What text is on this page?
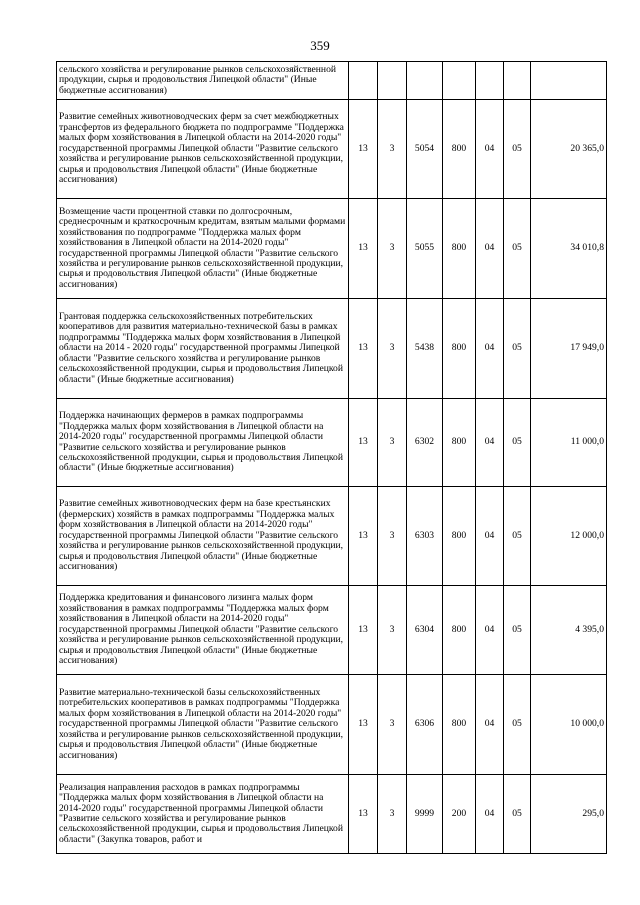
359
сельского хозяйства и регулирование рынков сельскохозяйственной продукции, сырья и продовольствия Липецкой области" (Иные бюджетные ассигнования)							
Развитие семейных животноводческих ферм за счет межбюджетных трансфертов из федерального бюджета по подпрограмме "Поддержка малых форм хозяйствования в Липецкой области на 2014-2020 годы" государственной программы Липецкой области "Развитие сельского хозяйства и регулирование рынков сельскохозяйственной продукции, сырья и продовольствия Липецкой области" (Иные бюджетные ассигнования)	13	3	5054	800	04	05	20 365,0
Возмещение части процентной ставки по долгосрочным, среднесрочным и краткосрочным кредитам, взятым малыми формами хозяйствования по подпрограмме "Поддержка малых форм хозяйствования в Липецкой области на 2014-2020 годы" государственной программы Липецкой области "Развитие сельского хозяйства и регулирование рынков сельскохозяйственной продукции, сырья и продовольствия Липецкой области" (Иные бюджетные ассигнования)	13	3	5055	800	04	05	34 010,8
Грантовая поддержка сельскохозяйственных потребительских кооперативов для развития материально-технической базы в рамках подпрограммы "Поддержка малых форм хозяйствования в Липецкой области на 2014 - 2020 годы" государственной программы Липецкой области "Развитие сельского хозяйства и регулирование рынков сельскохозяйственной продукции, сырья и продовольствия Липецкой области" (Иные бюджетные ассигнования)	13	3	5438	800	04	05	17 949,0
Поддержка начинающих фермеров в рамках подпрограммы "Поддержка малых форм хозяйствования в Липецкой области на 2014-2020 годы" государственной программы Липецкой области "Развитие сельского хозяйства и регулирование рынков сельскохозяйственной продукции, сырья и продовольствия Липецкой области" (Иные бюджетные ассигнования)	13	3	6302	800	04	05	11 000,0
Развитие семейных животноводческих ферм на базе крестьянских (фермерских) хозяйств в рамках подпрограммы "Поддержка малых форм хозяйствования в Липецкой области на 2014-2020 годы" государственной программы Липецкой области "Развитие сельского хозяйства и регулирование рынков сельскохозяйственной продукции, сырья и продовольствия Липецкой области" (Иные бюджетные ассигнования)	13	3	6303	800	04	05	12 000,0
Поддержка кредитования и финансового лизинга малых форм хозяйствования в рамках подпрограммы "Поддержка малых форм хозяйствования в Липецкой области на 2014-2020 годы" государственной программы Липецкой области "Развитие сельского хозяйства и регулирование рынков сельскохозяйственной продукции, сырья и продовольствия Липецкой области" (Иные бюджетные ассигнования)	13	3	6304	800	04	05	4 395,0
Развитие материально-технической базы сельскохозяйственных потребительских кооперативов в рамках подпрограммы "Поддержка малых форм хозяйствования в Липецкой области на 2014-2020 годы" государственной программы Липецкой области "Развитие сельского хозяйства и регулирование рынков сельскохозяйственной продукции, сырья и продовольствия Липецкой области" (Иные бюджетные ассигнования)	13	3	6306	800	04	05	10 000,0
Реализация направления расходов в рамках подпрограммы "Поддержка малых форм хозяйствования в Липецкой области на 2014-2020 годы" государственной программы Липецкой области "Развитие сельского хозяйства и регулирование рынков сельскохозяйственной продукции, сырья и продовольствия Липецкой области" (Закупка товаров, работ и	13	3	9999	200	04	05	295,0
